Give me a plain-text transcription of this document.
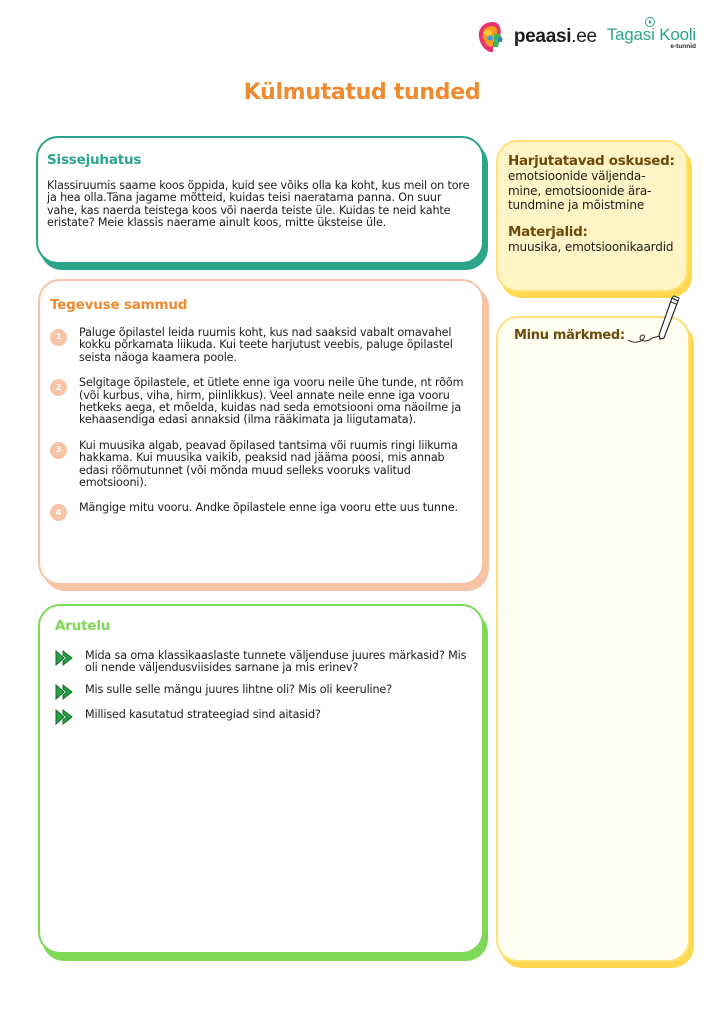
peaasi.ee Tagasi Kooli
e-tunnid
Külmutatud tunded
Sissejuhatus

Klassiruumis saame koos õppida, kuid see võiks olla ka koht, kus meil on tore ja hea olla.Täna jagame mõtteid, kuidas teisi naeratama panna. On suur vahe, kas naerda teistega koos või naerda teiste üle. Kuidas te neid kahte eristate? Meie klassis naerame ainult koos, mitte üksteise üle.

Tegevuse sammud
1	Paluge õpilastel leida ruumis koht, kus nad saaksid vabalt omavahel kokku põrkamata liikuda. Kui teete harjutust veebis, paluge õpilastel seista näoga kaamera poole.
2	Selgitage õpilastele, et ütlete enne iga vooru neile ühe tunde, nt rõõm (või kurbus, viha, hirm, piinlikkus). Veel annate neile enne iga vooru hetkeks aega, et mõelda, kuidas nad seda emotsiooni oma näoilme ja kehaasendiga edasi annaksid (ilma rääkimata ja liigutamata).
3	Kui muusika algab, peavad õpilased tantsima või ruumis ringi liikuma hakkama. Kui muusika vaikib, peaksid nad jääma poosi, mis annab edasi rõõmutunnet (või mõnda muud selleks vooruks valitud emotsiooni).
4	Mängige mitu vooru. Andke õpilastele enne iga vooru ette uus tunne.
Arutelu
Mida sa oma klassikaaslaste tunnete väljenduse juures märkasid? Mis oli nende väljendusviisides sarnane ja mis erinev?
Mis sulle selle mängu juures lihtne oli? Mis oli keeruline?
Millised kasutatud strateegiad sind aitasid?
Harjutatavad oskused:

emotsioonide väljenda-mine, emotsioonide ära-tundmine ja mõistmine

Materjalid:

muusika, emotsioonikaardid

Minu märkmed:
